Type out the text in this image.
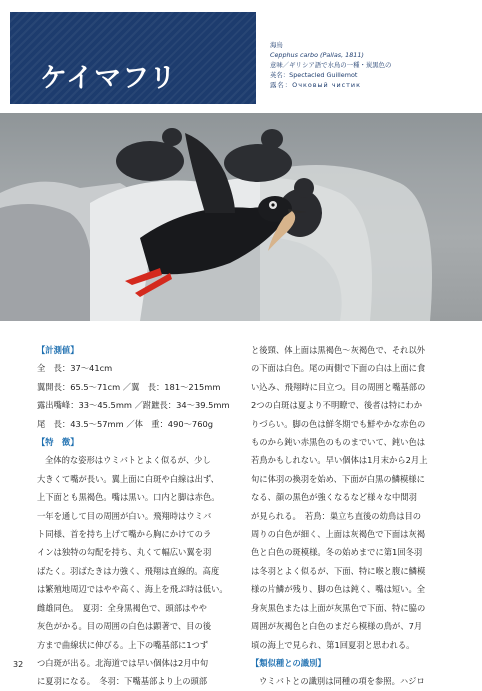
ケイマフリ
海鳥
Cepphus carbo (Pallas, 1811)
意味／ギリシア語で水鳥の一種・炭黒色の
英名：Spectacled Guillemot
露名：Очковый чистик
【計測値】
全　長：37～41cm
翼開長：65.5～71cm ／翼　長：181～215mm
露出嘴峰：33～45.5mm ／跗蹠長：34～39.5mm
尾　長：43.5～57mm ／体　重：490～760g
【特　徴】
全体的な姿形はウミバトとよく似るが、少し
大きくて嘴が長い。翼上面に白斑や白線は出ず、
上下面とも黒褐色。嘴は黒い。口内と脚は赤色。
一年を通して目の周囲が白い。飛翔時はウミバ
ト同様、首を持ち上げて嘴から胸にかけてのラ
インは独特の勾配を持ち、丸くて幅広い翼を羽
ばたく。羽ばたきは力強く、飛翔は直線的。高度
は繁殖地周辺ではやや高く、海上を飛ぶ時は低い。
雌雄同色。　夏羽：全身黒褐色で、頭部はやや
灰色がかる。目の周囲の白色は顕著で、目の後
方まで曲線状に伸びる。上下の嘴基部に1つず
つ白斑が出る。北海道では早い個体は2月中旬
に夏羽になる。　冬羽：下嘴基部より上の頭部
と後頸、体上面は黒褐色～灰褐色で、それ以外
の下面は白色。尾の両側で下面の白は上面に食
い込み、飛翔時に目立つ。目の周囲と嘴基部の
2つの白斑は夏より不明瞭で、後者は特にわか
りづらい。脚の色は鮮冬期でも鮮やかな赤色の
ものから鈍い赤黒色のものまでいて、鈍い色は
若鳥かもしれない。早い個体は1月末から2月上
旬に体羽の換羽を始め、下面が白黒の鱗模様に
なる、顔の黒色が強くなるなど様々な中間羽
が見られる。　若鳥：巣立ち直後の幼鳥は目の
周りの白色が細く、上面は灰褐色で下面は灰褐
色と白色の斑模様。冬の始めまでに第1回冬羽
は冬羽とよく似るが、下面、特に喉と腹に鱗模
様の片鱗が残り、脚の色は鈍く、嘴は短い。全
身灰黒色または上面が灰黒色で下面、特に脇の
周囲が灰褐色と白色のまだら模様の鳥が、7月
頃の海上で見られ、第1回夏羽と思われる。
【類似種との識別】
ウミバトとの識別は同種の項を参照。ハジロ
32
